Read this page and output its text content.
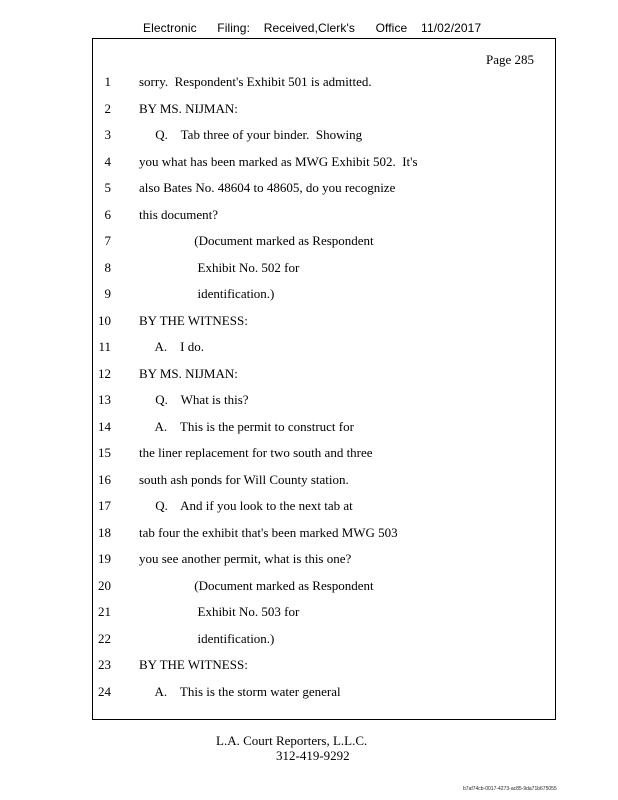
Electronic      Filing:    Received,Clerk's      Office    11/02/2017
Page 285
1 sorry.  Respondent's Exhibit 501 is admitted.
2 BY MS. NIJMAN:
3 Q.    Tab three of your binder.  Showing
4 you what has been marked as MWG Exhibit 502.  It's
5 also Bates No. 48604 to 48605, do you recognize
6 this document?
7 (Document marked as Respondent
8 Exhibit No. 502 for
9 identification.)
10 BY THE WITNESS:
11 A.    I do.
12 BY MS. NIJMAN:
13 Q.    What is this?
14 A.    This is the permit to construct for
15 the liner replacement for two south and three
16 south ash ponds for Will County station.
17 Q.    And if you look to the next tab at
18 tab four the exhibit that's been marked MWG 503
19 you see another permit, what is this one?
20 (Document marked as Respondent
21 Exhibit No. 503 for
22 identification.)
23 BY THE WITNESS:
24 A.    This is the storm water general
L.A. Court Reporters, L.L.C.
312-419-9292
b7af74cb-0017-4273-ac85-9da71b675055
